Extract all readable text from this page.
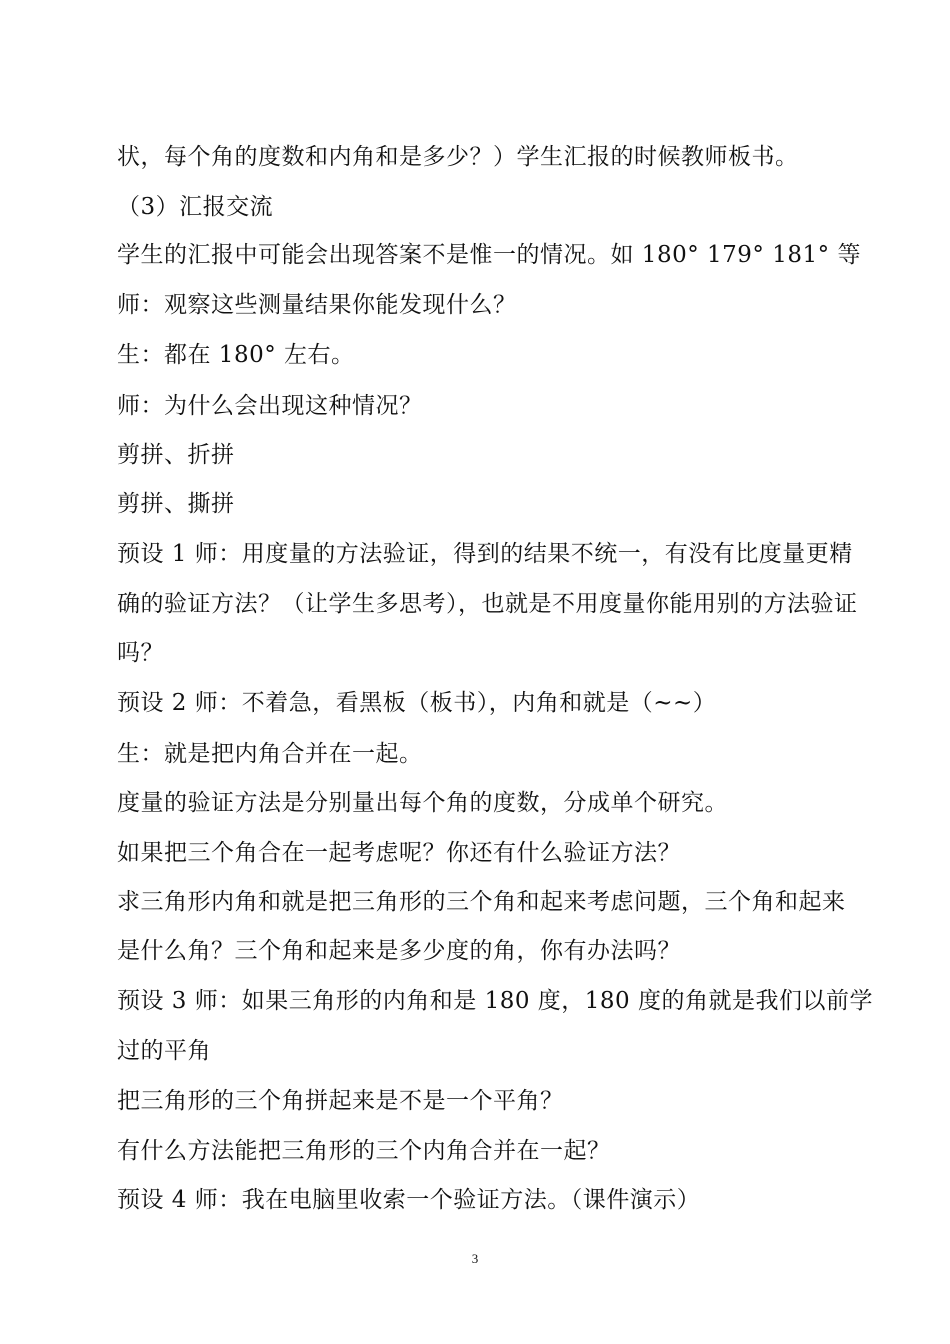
状，每个角的度数和内角和是多少？）学生汇报的时候教师板书。
（3）汇报交流
学生的汇报中可能会出现答案不是惟一的情况。如 180° 179° 181° 等
师：观察这些测量结果你能发现什么？
生：都在 180° 左右。
师：为什么会出现这种情况？
剪拼、折拼
剪拼、撕拼
预设 1 师：用度量的方法验证，得到的结果不统一，有没有比度量更精
确的验证方法？（让学生多思考），也就是不用度量你能用别的方法验证
吗？
预设 2 师：不着急，看黑板（板书），内角和就是（~~）
生：就是把内角合并在一起。
度量的验证方法是分别量出每个角的度数，分成单个研究。
如果把三个角合在一起考虑呢？你还有什么验证方法？
求三角形内角和就是把三角形的三个角和起来考虑问题，三个角和起来
是什么角？三个角和起来是多少度的角，你有办法吗？
预设 3 师：如果三角形的内角和是 180 度，180 度的角就是我们以前学
过的平角
把三角形的三个角拼起来是不是一个平角？
有什么方法能把三角形的三个内角合并在一起？
预设 4 师：我在电脑里收索一个验证方法。（课件演示）
3
